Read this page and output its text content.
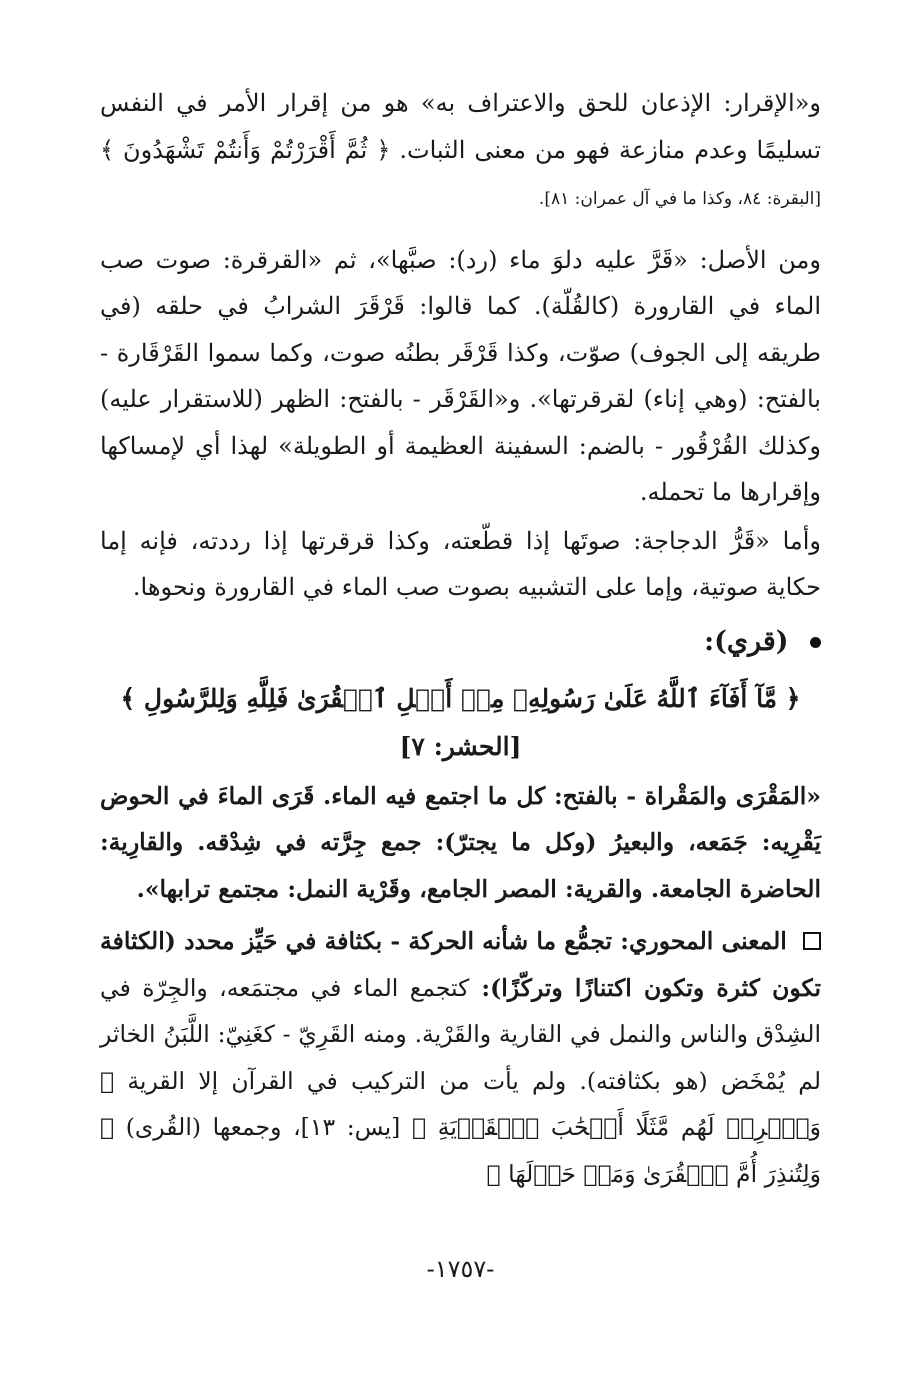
و«الإقرار: الإذعان للحق والاعتراف به» هو من إقرار الأمر في النفس تسليمًا وعدم منازعة فهو من معنى الثبات. ﴿ ثُمَّ أَقْرَرْتُمْ وَأَنتُمْ تَشْهَدُونَ ﴾ [البقرة: ٨٤، وكذا ما في آل عمران: ٨١].

ومن الأصل: «قَرَّ عليه دلوَ ماء (رد): صبَّها»، ثم «القرقرة: صوت صب الماء في القارورة (كالقُلّة). كما قالوا: قَرْقَرَ الشرابُ في حلقه (في طريقه إلى الجوف) صوّت، وكذا قَرْقَر بطنُه صوت، وكما سموا القَرْقَارة - بالفتح: (وهي إناء) لقرقرتها». و«القَرْقَر - بالفتح: الظهر (للاستقرار عليه) وكذلك القُرْقُور - بالضم: السفينة العظيمة أو الطويلة» لهذا أي لإمساكها وإقرارها ما تحمله.

وأما «قَرُّ الدجاجة: صوتَها إذا قطّعته، وكذا قرقرتها إذا رددته، فإنه إما حكاية صوتية، وإما على التشبيه بصوت صب الماء في القارورة ونحوها.

(قري):

﴿ مَّآ أَفَآءَ ٱللَّهُ عَلَىٰ رَسُولِهِۦ مِنۡ أَهۡلِ ٱلۡقُرَىٰ فَلِلَّهِ وَلِلرَّسُولِ ﴾ [الحشر: ٧]

«المَقْرَى والمَقْراة - بالفتح: كل ما اجتمع فيه الماء. قَرَى الماءَ في الحوض يَقْرِيه: جَمَعه، والبعيرُ (وكل ما يجترّ): جمع جِرَّته في شِدْقه. والقارِية: الحاضرة الجامعة. والقرية: المصر الجامع، وقَرْية النمل: مجتمع ترابها».

المعنى المحوري: تجمُّع ما شأنه الحركة - بكثافة في حَيِّز محدد (الكثافة تكون كثرة وتكون اكتنازًا وتركّزًا): كتجمع الماء في مجتمَعه، والجِرّة في الشِدْق والناس والنمل في القارية والقَرْية. ومنه القَرِيّ - كغَنِيّ: اللَّبَنُ الخاثر لم يُمْخَض (هو بكثافته). ولم يأت من التركيب في القرآن إلا القرية ﴿ وَٱضۡرِبۡ لَهُم مَّثَلًا أَصۡحَٰبَ ٱلۡقَرۡيَةِ ﴾ [يس: ١٣]، وجمعها (القُرى) ﴿ وَلِتُنذِرَ أُمَّ ٱلۡقُرَىٰ وَمَنۡ حَوۡلَهَا ﴾

-١٧٥٧-
